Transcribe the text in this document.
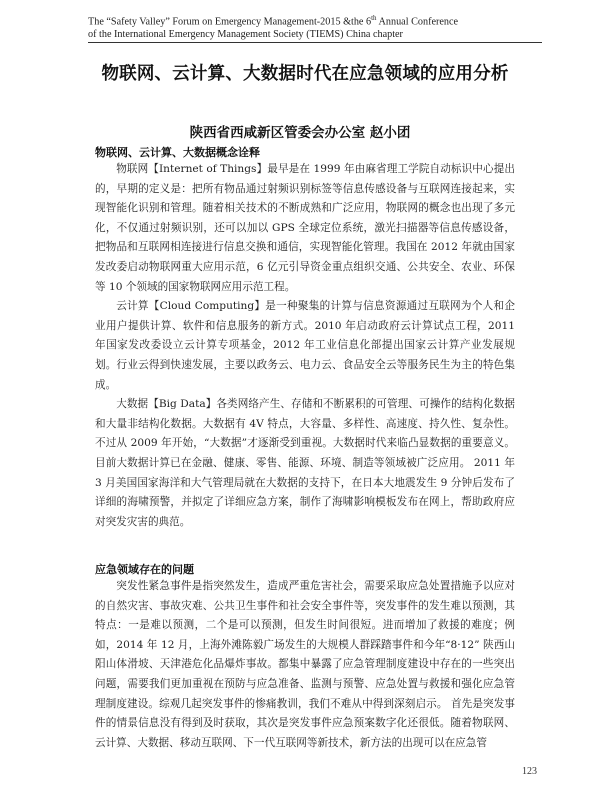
The “Safety Valley” Forum on Emergency Management-2015 &the 6th Annual Conference
of the International Emergency Management Society (TIEMS) China chapter
物联网、云计算、大数据时代在应急领域的应用分析
陕西省西咸新区管委会办公室 赵小团
物联网、云计算、大数据概念诠释

物联网【Internet of Things】最早是在 1999 年由麻省理工学院自动标识中心提出的，早期的定义是：把所有物品通过射频识别标签等信息传感设备与互联网连接起来，实现智能化识别和管理。随着相关技术的不断成熟和广泛应用，物联网的概念也出现了多元化，不仅通过射频识别，还可以加以 GPS 全球定位系统，激光扫描器等信息传感设备，把物品和互联网相连接进行信息交换和通信，实现智能化管理。我国在 2012 年就由国家发改委启动物联网重大应用示范，6 亿元引导资金重点组织交通、公共安全、农业、环保等 10 个领域的国家物联网应用示范工程。

云计算【Cloud Computing】是一种聚集的计算与信息资源通过互联网为个人和企业用户提供计算、软件和信息服务的新方式。2010 年启动政府云计算试点工程，2011 年国家发改委设立云计算专项基金，2012 年工业信息化部提出国家云计算产业发展规划。行业云得到快速发展，主要以政务云、电力云、食品安全云等服务民生为主的特色集成。

大数据【Big Data】各类网络产生、存储和不断累积的可管理、可操作的结构化数据和大量非结构化数据。大数据有 4V 特点，大容量、多样性、高速度、持久性、复杂性。不过从 2009 年开始，“大数据”才逐渐受到重视。大数据时代来临凸显数据的重要意义。目前大数据计算已在金融、健康、零售、能源、环境、制造等领域被广泛应用。 2011 年 3 月美国国家海洋和大气管理局就在大数据的支持下，在日本大地震发生 9 分钟后发布了详细的海啸预警，并拟定了详细应急方案，制作了海啸影响模板发布在网上，帮助政府应对突发灾害的典范。

应急领域存在的问题

突发性紧急事件是指突然发生，造成严重危害社会，需要采取应急处置措施予以应对的自然灾害、事故灾难、公共卫生事件和社会安全事件等，突发事件的发生难以预测，其特点：一是难以预测，二个是可以预测，但发生时间很短。进而增加了救援的难度；例如，2014 年 12 月，上海外滩陈毅广场发生的大规模人群踩踏事件和今年“8·12” 陕西山阳山体滑坡、天津港危化品爆炸事故。都集中暴露了应急管理制度建设中存在的一些突出问题，需要我们更加重视在预防与应急准备、监测与预警、应急处置与救援和强化应急管理制度建设。综观几起突发事件的惨痛教训，我们不难从中得到深刻启示。 首先是突发事件的情景信息没有得到及时获取，其次是突发事件应急预案数字化还很低。随着物联网、云计算、大数据、移动互联网、下一代互联网等新技术，新方法的出现可以在应急管

123
